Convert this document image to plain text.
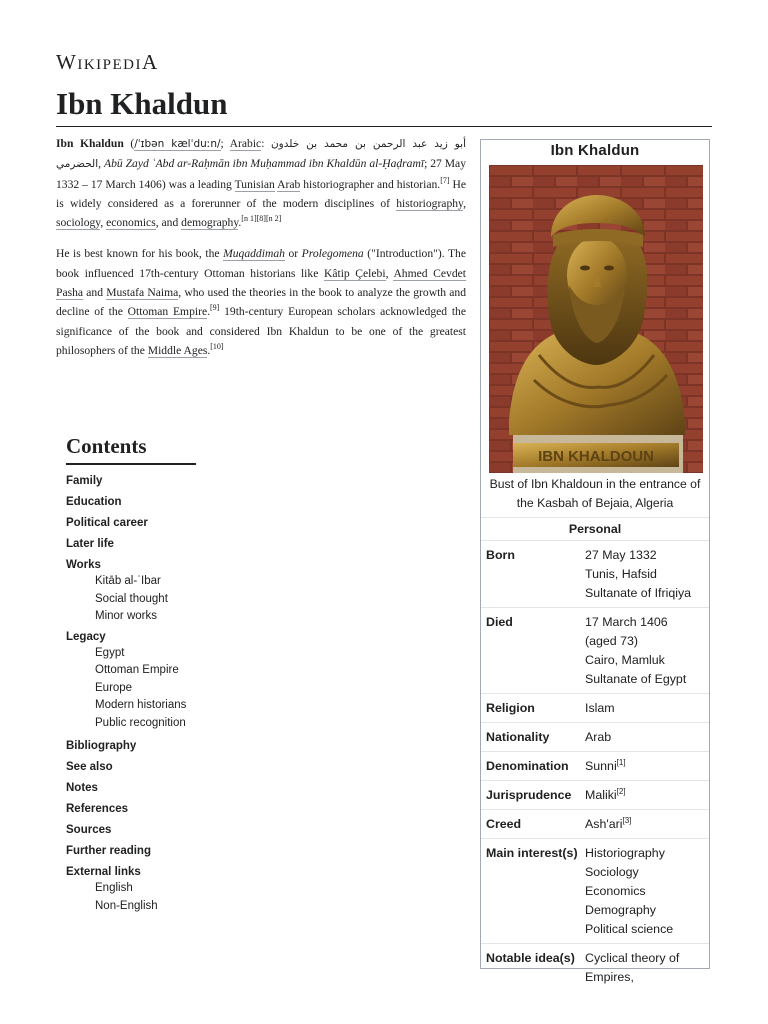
WikipediA
Ibn Khaldun

Ibn Khaldun (/ˈɪbən kælˈduːn/; Arabic: أبو زيد عبد الرحمن بن محمد بن خلدون الحضرمي, Abū Zayd ʿAbd ar-Raḥmān ibn Muḥammad ibn Khaldūn al-Ḥaḍramī; 27 May 1332 – 17 March 1406) was a leading Tunisian Arab historiographer and historian.[7] He is widely considered as a forerunner of the modern disciplines of historiography, sociology, economics, and demography.[n 1][8][n 2]

He is best known for his book, the Muqaddimah or Prolegomena ("Introduction"). The book influenced 17th-century Ottoman historians like Kâtip Çelebi, Ahmed Cevdet Pasha and Mustafa Naima, who used the theories in the book to analyze the growth and decline of the Ottoman Empire.[9] 19th-century European scholars acknowledged the significance of the book and considered Ibn Khaldun to be one of the greatest philosophers of the Middle Ages.[10]

Contents
Family
Education
Political career
Later life
Works
Kitāb al-ʿIbar
Social thought
Minor works
Legacy
Egypt
Ottoman Empire
Europe
Modern historians
Public recognition
Bibliography
See also
Notes
References
Sources
Further reading
External links
English
Non-English
Ibn Khaldun
IBN KHALDOUN
Bust of Ibn Khaldoun in the entrance of the Kasbah of Bejaia, Algeria
Personal
Born	27 May 1332
Tunis, Hafsid
Sultanate of Ifriqiya
Died	17 March 1406
(aged 73)
Cairo, Mamluk
Sultanate of Egypt
Religion	Islam
Nationality	Arab
Denomination	Sunni[1]
Jurisprudence	Maliki[2]
Creed	Ash'ari[3]
Main interest(s) Historiography
Sociology
Economics
Demography
Political science
Notable idea(s) Cyclical theory of
Empires,
